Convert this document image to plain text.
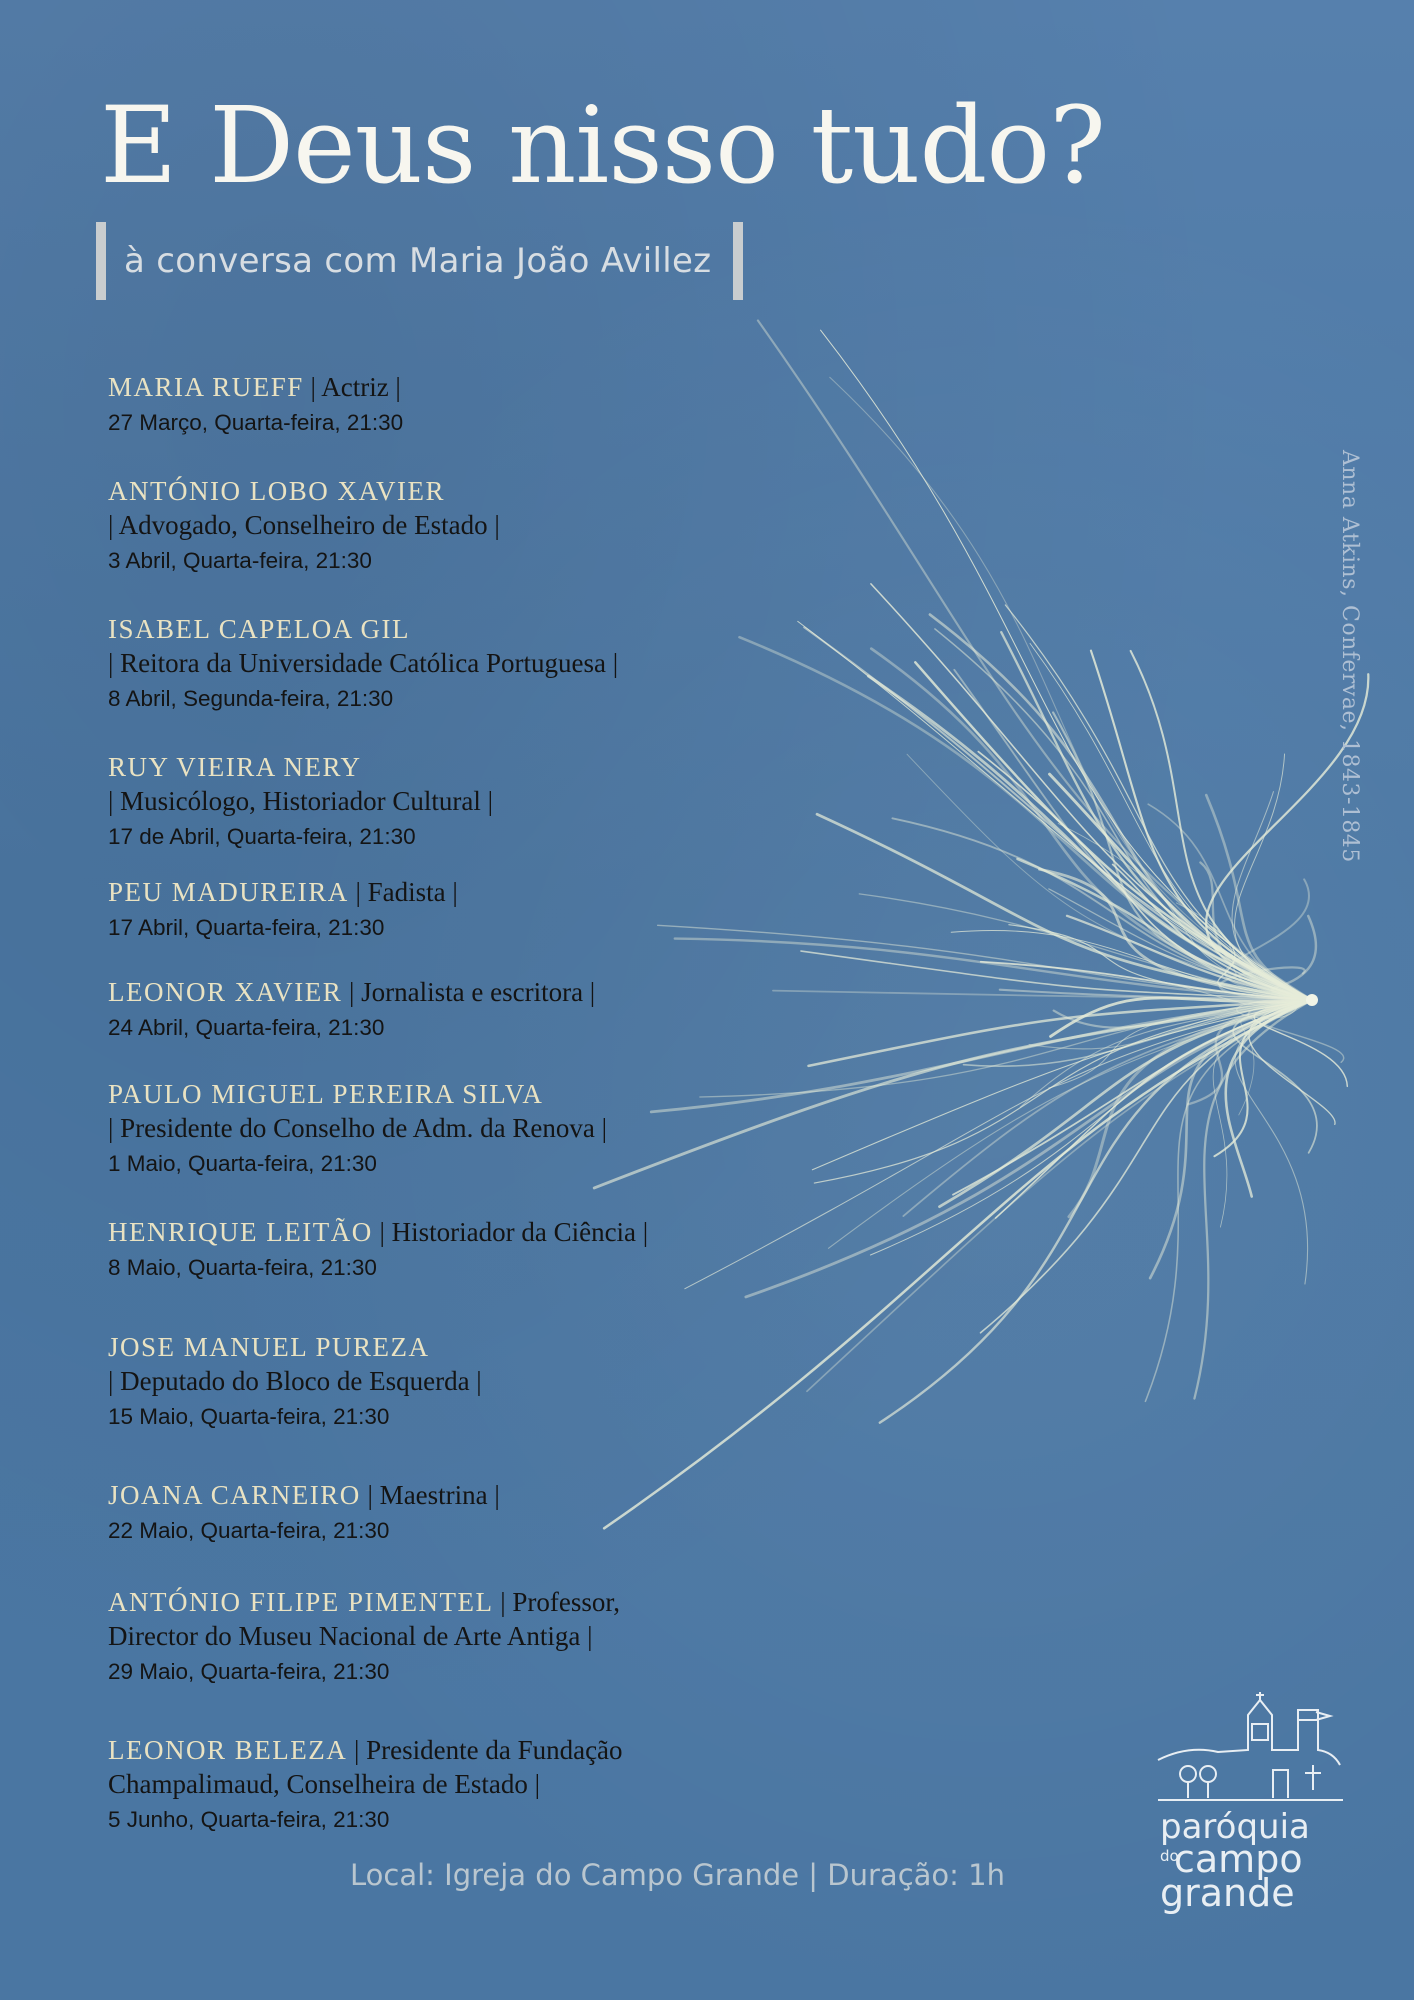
E Deus nisso tudo?
à conversa com Maria João Avillez
MARIA RUEFF | Actriz |
27 Março, Quarta-feira, 21:30
ANTÓNIO LOBO XAVIER
| Advogado, Conselheiro de Estado |
3 Abril, Quarta-feira, 21:30
ISABEL CAPELOA GIL
| Reitora da Universidade Católica Portuguesa |
8 Abril, Segunda-feira, 21:30
RUY VIEIRA NERY
| Musicólogo, Historiador Cultural |
17 de Abril, Quarta-feira, 21:30
PEU MADUREIRA | Fadista |
17 Abril, Quarta-feira, 21:30
LEONOR XAVIER | Jornalista e escritora |
24 Abril, Quarta-feira, 21:30
PAULO MIGUEL PEREIRA SILVA
| Presidente do Conselho de Adm. da Renova |
1 Maio, Quarta-feira, 21:30
HENRIQUE LEITÃO | Historiador da Ciência |
8 Maio, Quarta-feira, 21:30
JOSE MANUEL PUREZA
| Deputado do Bloco de Esquerda |
15 Maio, Quarta-feira, 21:30
JOANA CARNEIRO | Maestrina |
22 Maio, Quarta-feira, 21:30
ANTÓNIO FILIPE PIMENTEL | Professor,
Director do Museu Nacional de Arte Antiga |
29 Maio, Quarta-feira, 21:30
LEONOR BELEZA | Presidente da Fundação
Champalimaud, Conselheira de Estado |
5 Junho, Quarta-feira, 21:30
Anna Atkins, Confervae, 1843-1845
Local: Igreja do Campo Grande | Duração: 1h
paróquia
do
campo
grande
